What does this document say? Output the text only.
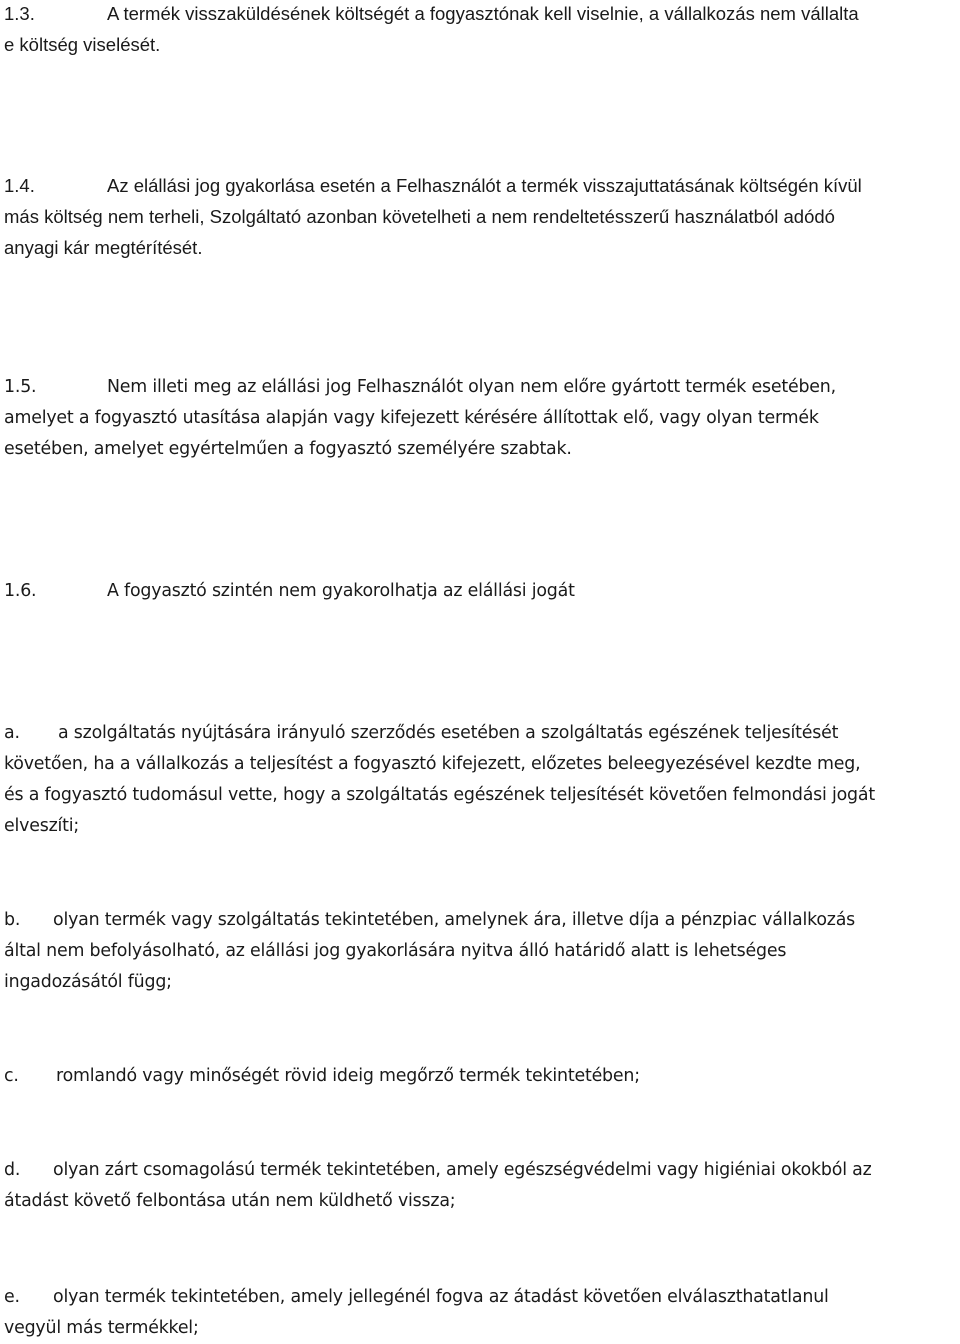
1.3.	A termék visszaküldésének költségét a fogyasztónak kell viselnie, a vállalkozás nem vállalta
e költség viselését.
1.4.	Az elállási jog gyakorlása esetén a Felhasználót a termék visszajuttatásának költségén kívül
más költség nem terheli, Szolgáltató azonban követelheti a nem rendeltetésszerű használatból adódó
anyagi kár megtérítését.
1.5.	Nem illeti meg az elállási jog Felhasználót olyan nem előre gyártott termék esetében,
amelyet a fogyasztó utasítása alapján vagy kifejezett kérésére állítottak elő, vagy olyan termék
esetében, amelyet egyértelműen a fogyasztó személyére szabtak.
1.6.	A fogyasztó szintén nem gyakorolhatja az elállási jogát
a. a szolgáltatás nyújtására irányuló szerződés esetében a szolgáltatás egészének teljesítését
követően, ha a vállalkozás a teljesítést a fogyasztó kifejezett, előzetes beleegyezésével kezdte meg,
és a fogyasztó tudomásul vette, hogy a szolgáltatás egészének teljesítését követően felmondási jogát
elveszíti;
b. olyan termék vagy szolgáltatás tekintetében, amelynek ára, illetve díja a pénzpiac vállalkozás
által nem befolyásolható, az elállási jog gyakorlására nyitva álló határidő alatt is lehetséges
ingadozásától függ;
c. romlandó vagy minőségét rövid ideig megőrző termék tekintetében;
d. olyan zárt csomagolású termék tekintetében, amely egészségvédelmi vagy higiéniai okokból az
átadást követő felbontása után nem küldhető vissza;
e. olyan termék tekintetében, amely jellegénél fogva az átadást követően elválaszthatatlanul
vegyül más termékkel;
